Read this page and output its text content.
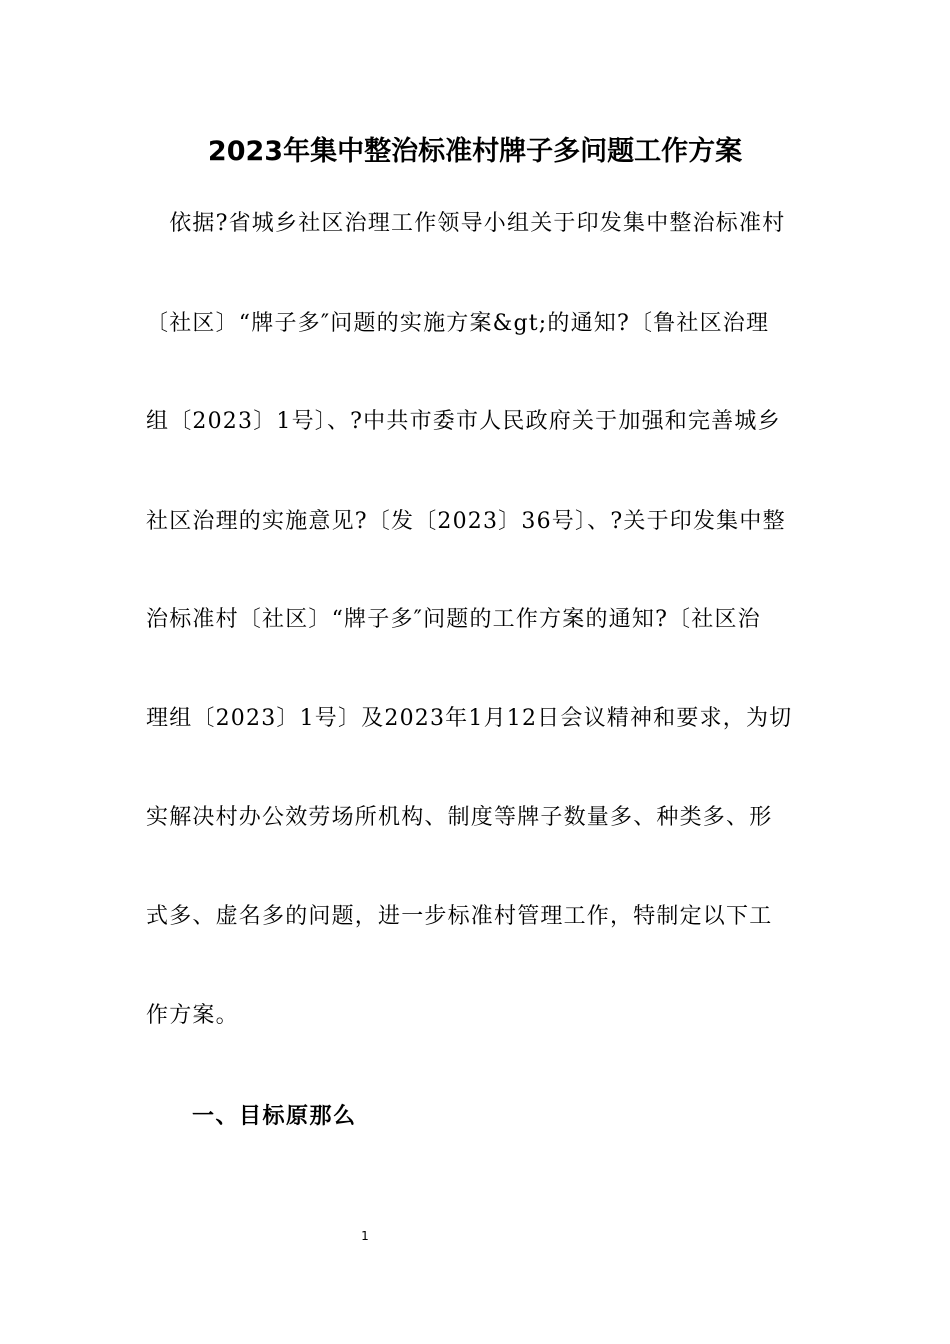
2023年集中整治标准村牌子多问题工作方案

　依据?省城乡社区治理工作领导小组关于印发集中整治标准村

〔社区〕“牌子多″问题的实施方案&gt;的通知?〔鲁社区治理

组〔2023〕1号〕、?中共市委市人民政府关于加强和完善城乡

社区治理的实施意见?〔发〔2023〕36号〕、?关于印发集中整

治标准村〔社区〕“牌子多″问题的工作方案的通知?〔社区治

理组〔2023〕1号〕及2023年1月12日会议精神和要求，为切

实解决村办公效劳场所机构、制度等牌子数量多、种类多、形

式多、虚名多的问题，进一步标准村管理工作，特制定以下工

作方案。

一、目标原那么
1
